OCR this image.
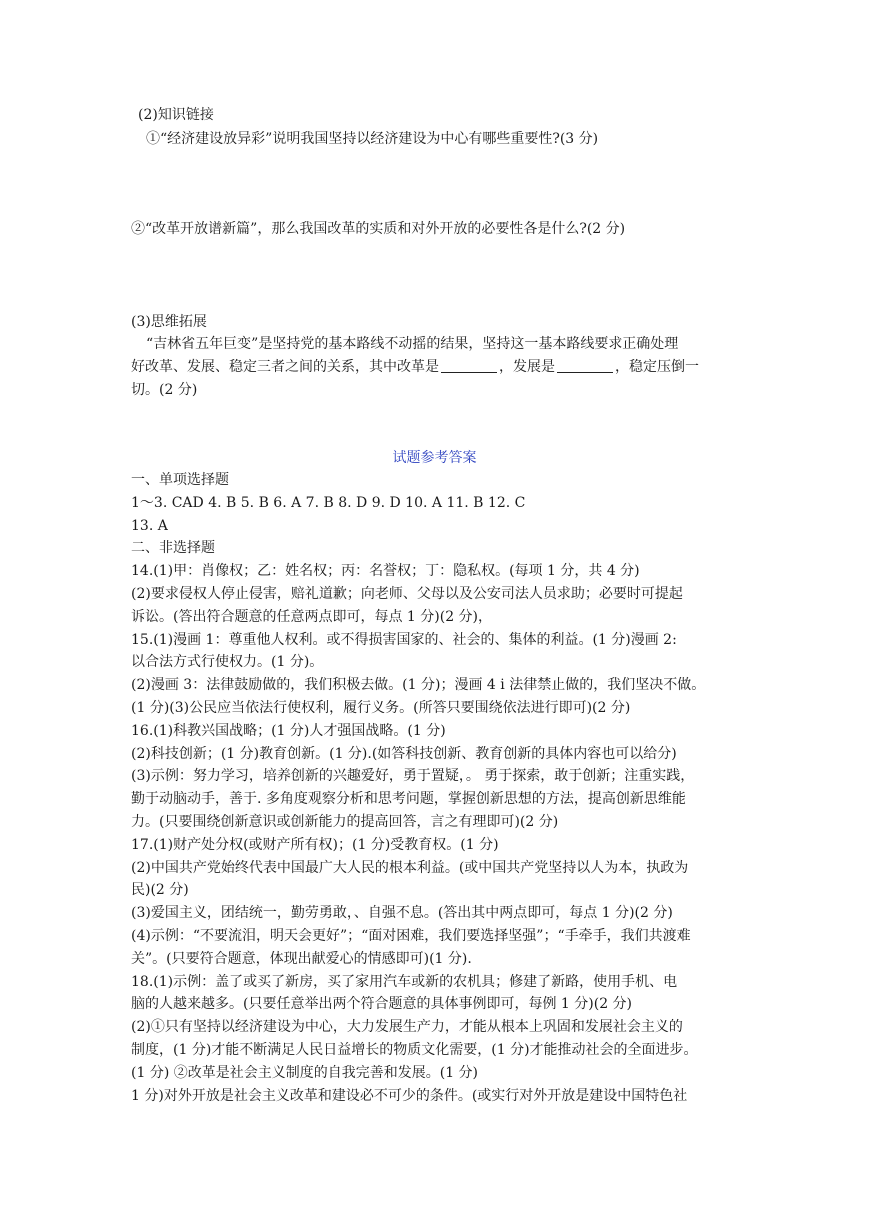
(2)知识链接
①“经济建设放异彩”说明我国坚持以经济建设为中心有哪些重要性?(3 分)
②“改革开放谱新篇”，那么我国改革的实质和对外开放的必要性各是什么?(2 分)
(3)思维拓展
“吉林省五年巨变”是坚持党的基本路线不动摇的结果，坚持这一基本路线要求正确处理
好改革、发展、稳定三者之间的关系，其中改革是	，发展是	，稳定压倒一
切。(2 分)
试题参考答案
一、单项选择题
1～3. CAD 4. B 5. B 6. A 7. B 8. D 9. D 10. A 11. B 12. C
13. A
二、非选择题
14.(1)甲：肖像权；乙：姓名权；丙：名誉权；丁：隐私权。(每项 1 分，共 4 分)
(2)要求侵权人停止侵害，赔礼道歉；向老师、父母以及公安司法人员求助；必要时可提起
诉讼。(答出符合题意的任意两点即可，每点 1 分)(2 分)，
15.(1)漫画 1：尊重他人权利。或不得损害国家的、社会的、集体的利益。(1 分)漫画 2:
以合法方式行使权力。(1 分)。
(2)漫画 3：法律鼓励做的，我们积极去做。(1 分)；漫画 4 i 法律禁止做的，我们坚决不做。
(1 分)(3)公民应当依法行使权利，履行义务。(所答只要围绕依法进行即可)(2 分)
16.(1)科教兴国战略；(1 分)人才强国战略。(1 分)
(2)科技创新；(1 分)教育创新。(1 分).(如答科技创新、教育创新的具体内容也可以给分)
(3)示例：努力学习，培养创新的兴趣爱好，勇于置疑，。 勇于探索，敢于创新；注重实践，
勤于动脑动手，善于. 多角度观察分析和思考问题，掌握创新思想的方法，提高创新思维能
力。(只要围绕创新意识或创新能力的提高回答，言之有理即可)(2 分)
17.(1)财产处分权(或财产所有权)；(1 分)受教育权。(1 分)
(2)中国共产党始终代表中国最广大人民的根本利益。(或中国共产党坚持以人为本，执政为
民)(2 分)
(3)爱国主义，团结统一，勤劳勇敢，、自强不息。(答出其中两点即可，每点 1 分)(2 分)
(4)示例：“不要流泪，明天会更好”；“面对困难，我们要选择坚强”；“手牵手，我们共渡难
关”。(只要符合题意，体现出献爱心的情感即可)(1 分).
18.(1)示例：盖了或买了新房，买了家用汽车或新的农机具；修建了新路，使用手机、电
脑的人越来越多。(只要任意举出两个符合题意的具体事例即可，每例 1 分)(2 分)
(2)①只有坚持以经济建设为中心，大力发展生产力，才能从根本上巩固和发展社会主义的
制度，(1 分)才能不断满足人民日益增长的物质文化需要，(1 分)才能推动社会的全面进步。
(1 分) ②改革是社会主义制度的自我完善和发展。(1 分)
1 分)对外开放是社会主义改革和建设必不可少的条件。(或实行对外开放是建设中国特色社
